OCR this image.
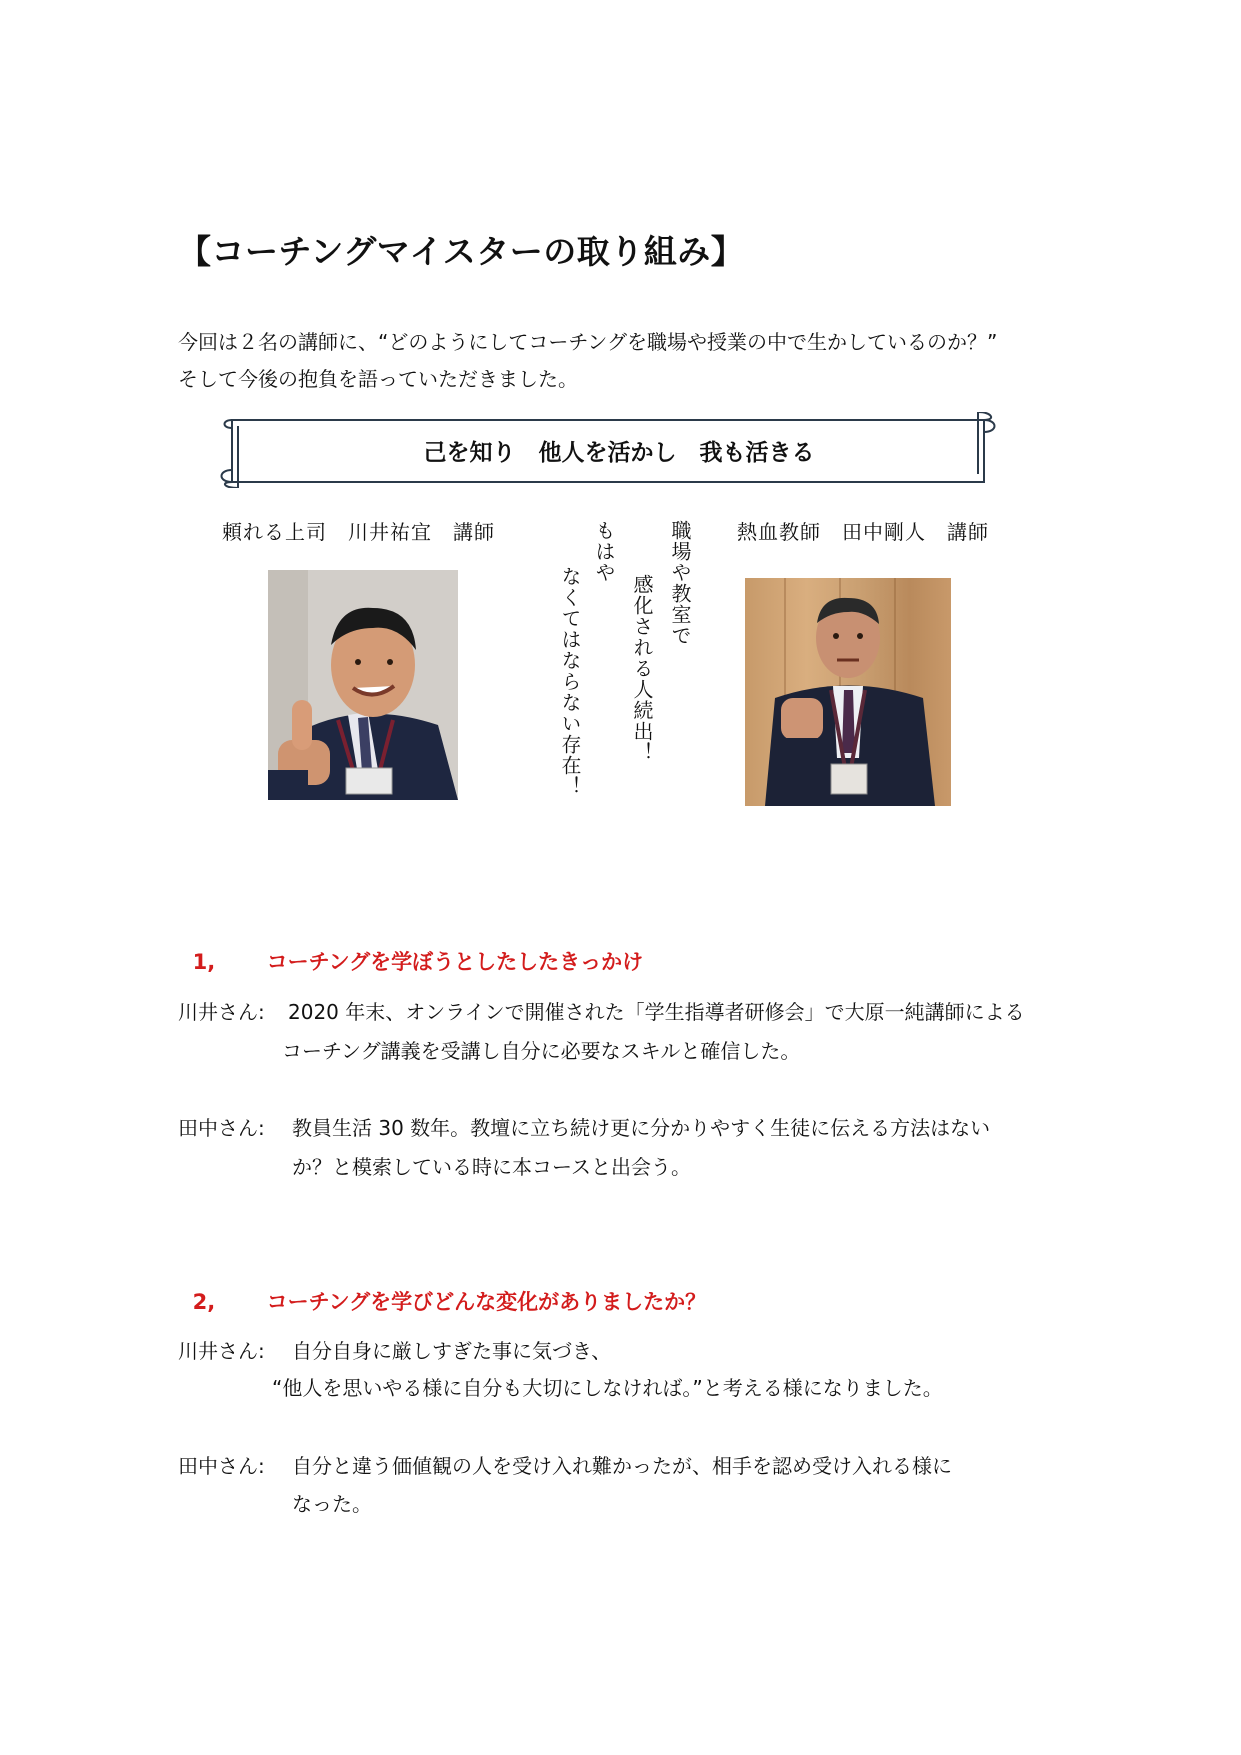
【コーチングマイスターの取り組み】
今回は２名の講師に、“どのようにしてコーチングを職場や授業の中で生かしているのか？”
そして今後の抱負を語っていただきました。
己を知り　他人を活かし　我も活きる
頼れる上司　川井祐宜　講師	熱血教師　田中剛人　講師
職場や教室で
感化される人続出！
もはや
なくてはならない存在！

1, コーチングを学ぼうとしたしたきっかけ

川井さん: 2020 年末、オンラインで開催された「学生指導者研修会」で大原一純講師による
コーチング講義を受講し自分に必要なスキルと確信した。
田中さん: 教員生活 30 数年。教壇に立ち続け更に分かりやすく生徒に伝える方法はない
か？と模索している時に本コースと出会う。

2, コーチングを学びどんな変化がありましたか？

川井さん: 自分自身に厳しすぎた事に気づき、
“他人を思いやる様に自分も大切にしなければ。”と考える様になりました。
田中さん: 自分と違う価値観の人を受け入れ難かったが、相手を認め受け入れる様に
なった。
